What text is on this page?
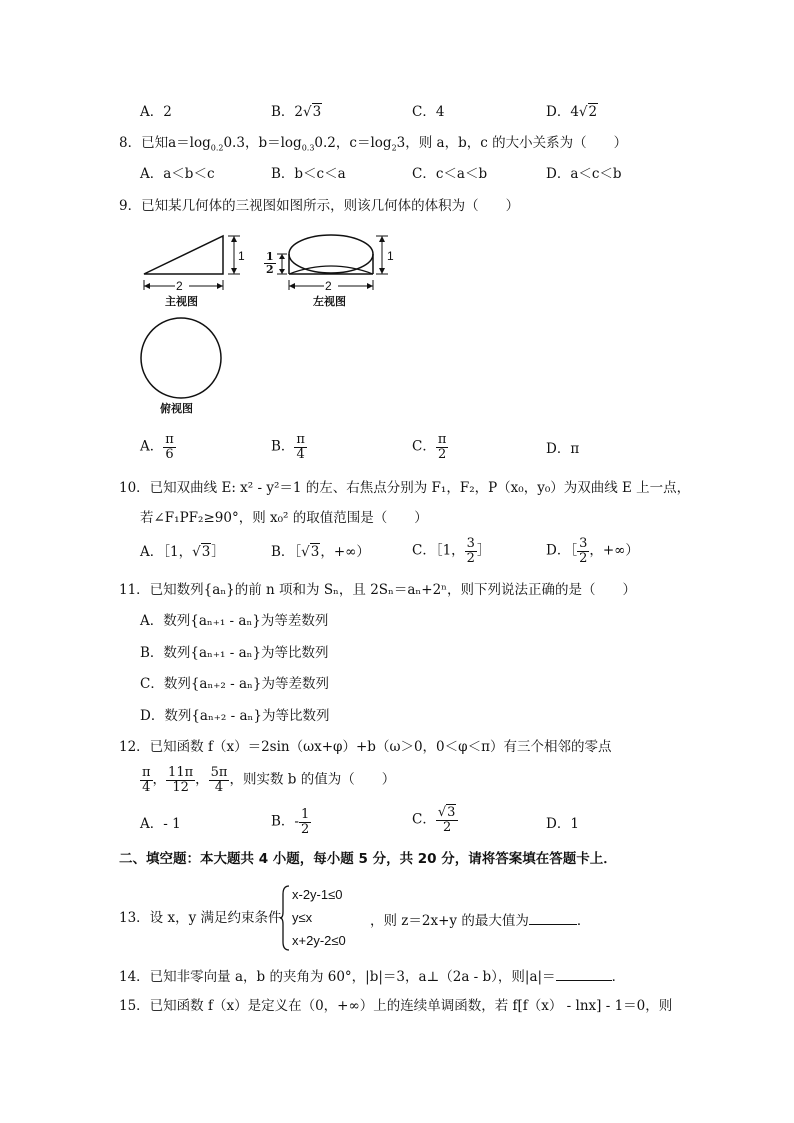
A．2	B．2√3	C．4	D．4√2
8．已知$a=\log_{0.2}0.3$，$b=\log_{0.3}0.2$，$c=\log_23$，则 a，b，c 的大小关系为（　　）
A．a＜b＜c	B．b＜c＜a	C．c＜a＜b	D．a＜c＜b
9．已知某几何体的三视图如图所示，则该几何体的体积为（　　）
2
1
主视图
2
1
$\frac{1}{2}$
左视图
俯视图
A． $\frac{\pi}{6}$	B． $\frac{\pi}{4}$	C． $\frac{\pi}{2}$	D．π
10．已知双曲线 E: x² - y²＝1 的左、右焦点分别为 F₁，F₂，P（x₀，y₀）为双曲线 E 上一点，
若∠F₁PF₂≥90°，则 x₀² 的取值范围是（　　）
A．［1，√3］	B．［√3，+∞）	C．［1， $\frac{3}{2}$ ］	D．［ $\frac{3}{2}$ ，+∞）
11．已知数列{aₙ}的前 n 项和为 Sₙ，且 2Sₙ＝aₙ+2ⁿ，则下列说法正确的是（　　）
A．数列{aₙ₊₁ - aₙ}为等差数列
B．数列{aₙ₊₁ - aₙ}为等比数列
C．数列{aₙ₊₂ - aₙ}为等差数列
D．数列{aₙ₊₂ - aₙ}为等比数列
12．已知函数 f（x）＝2sin（ωx+φ）+b（ω＞0，0＜φ＜π）有三个相邻的零点
$\frac{\pi}{4}$ ， $\frac{11\pi}{12}$ ， $\frac{5\pi}{4}$ ，则实数 b 的值为（　　）
A．- 1	B．- $\frac{1}{2}$	C． $\frac{√3}{2}$	D．1
二、填空题：本大题共 4 小题，每小题 5 分，共 20 分，请将答案填在答题卡上．
13．设 x，y 满足约束条件
x-2y-1≤0
y≤x
x+2y-2≤0
，则 z＝2x+y 的最大值为	．
14．已知非零向量 a，b 的夹角为 60°，|b|＝3，a⊥（2a - b），则|a|＝	．
15．已知函数 f（x）是定义在（0，+∞）上的连续单调函数，若 f[f（x） - lnx] - 1＝0，则
